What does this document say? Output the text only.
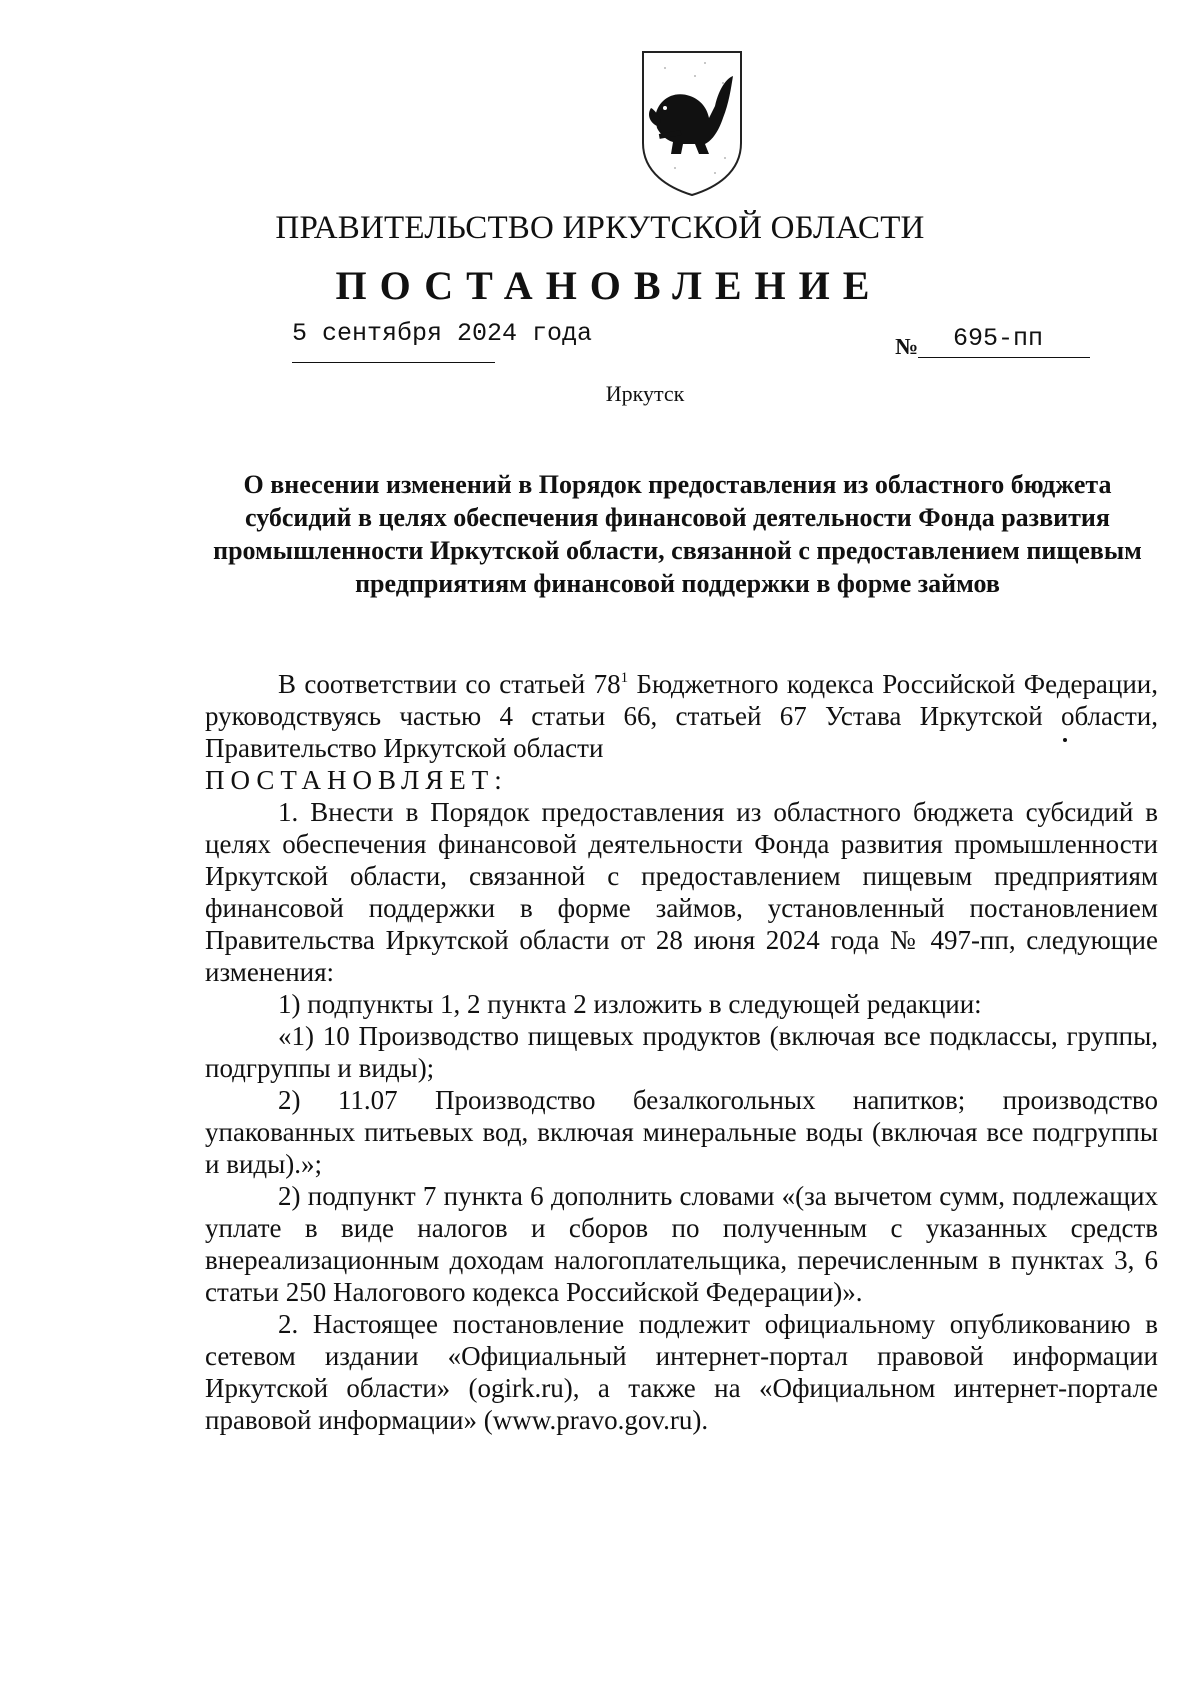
ПРАВИТЕЛЬСТВО ИРКУТСКОЙ ОБЛАСТИ
ПОСТАНОВЛЕНИЕ
5 сентября 2024 года	№ 695-пп
Иркутск
О внесении изменений в Порядок предоставления из областного бюджета субсидий в целях обеспечения финансовой деятельности Фонда развития промышленности Иркутской области, связанной с предоставлением пищевым предприятиям финансовой поддержки в форме займов

В соответствии со статьей $78^1$ Бюджетного кодекса Российской Федерации, руководствуясь частью 4 статьи 66, статьей 67 Устава Иркутской области, Правительство Иркутской области

ПОСТАНОВЛЯЕТ:

1. Внести в Порядок предоставления из областного бюджета субсидий в целях обеспечения финансовой деятельности Фонда развития промышленности Иркутской области, связанной с предоставлением пищевым предприятиям финансовой поддержки в форме займов, установленный постановлением Правительства Иркутской области от 28 июня 2024 года № 497-пп, следующие изменения:

1) подпункты 1, 2 пункта 2 изложить в следующей редакции:

«1) 10 Производство пищевых продуктов (включая все подклассы, группы, подгруппы и виды);

2) 11.07 Производство безалкогольных напитков; производство упакованных питьевых вод, включая минеральные воды (включая все подгруппы и виды).»;

2) подпункт 7 пункта 6 дополнить словами «(за вычетом сумм, подлежащих уплате в виде налогов и сборов по полученным с указанных средств внереализационным доходам налогоплательщика, перечисленным в пунктах 3, 6 статьи 250 Налогового кодекса Российской Федерации)».

2. Настоящее постановление подлежит официальному опубликованию в сетевом издании «Официальный интернет-портал правовой информации Иркутской области» (ogirk.ru), а также на «Официальном интернет-портале правовой информации» (www.pravo.gov.ru).
